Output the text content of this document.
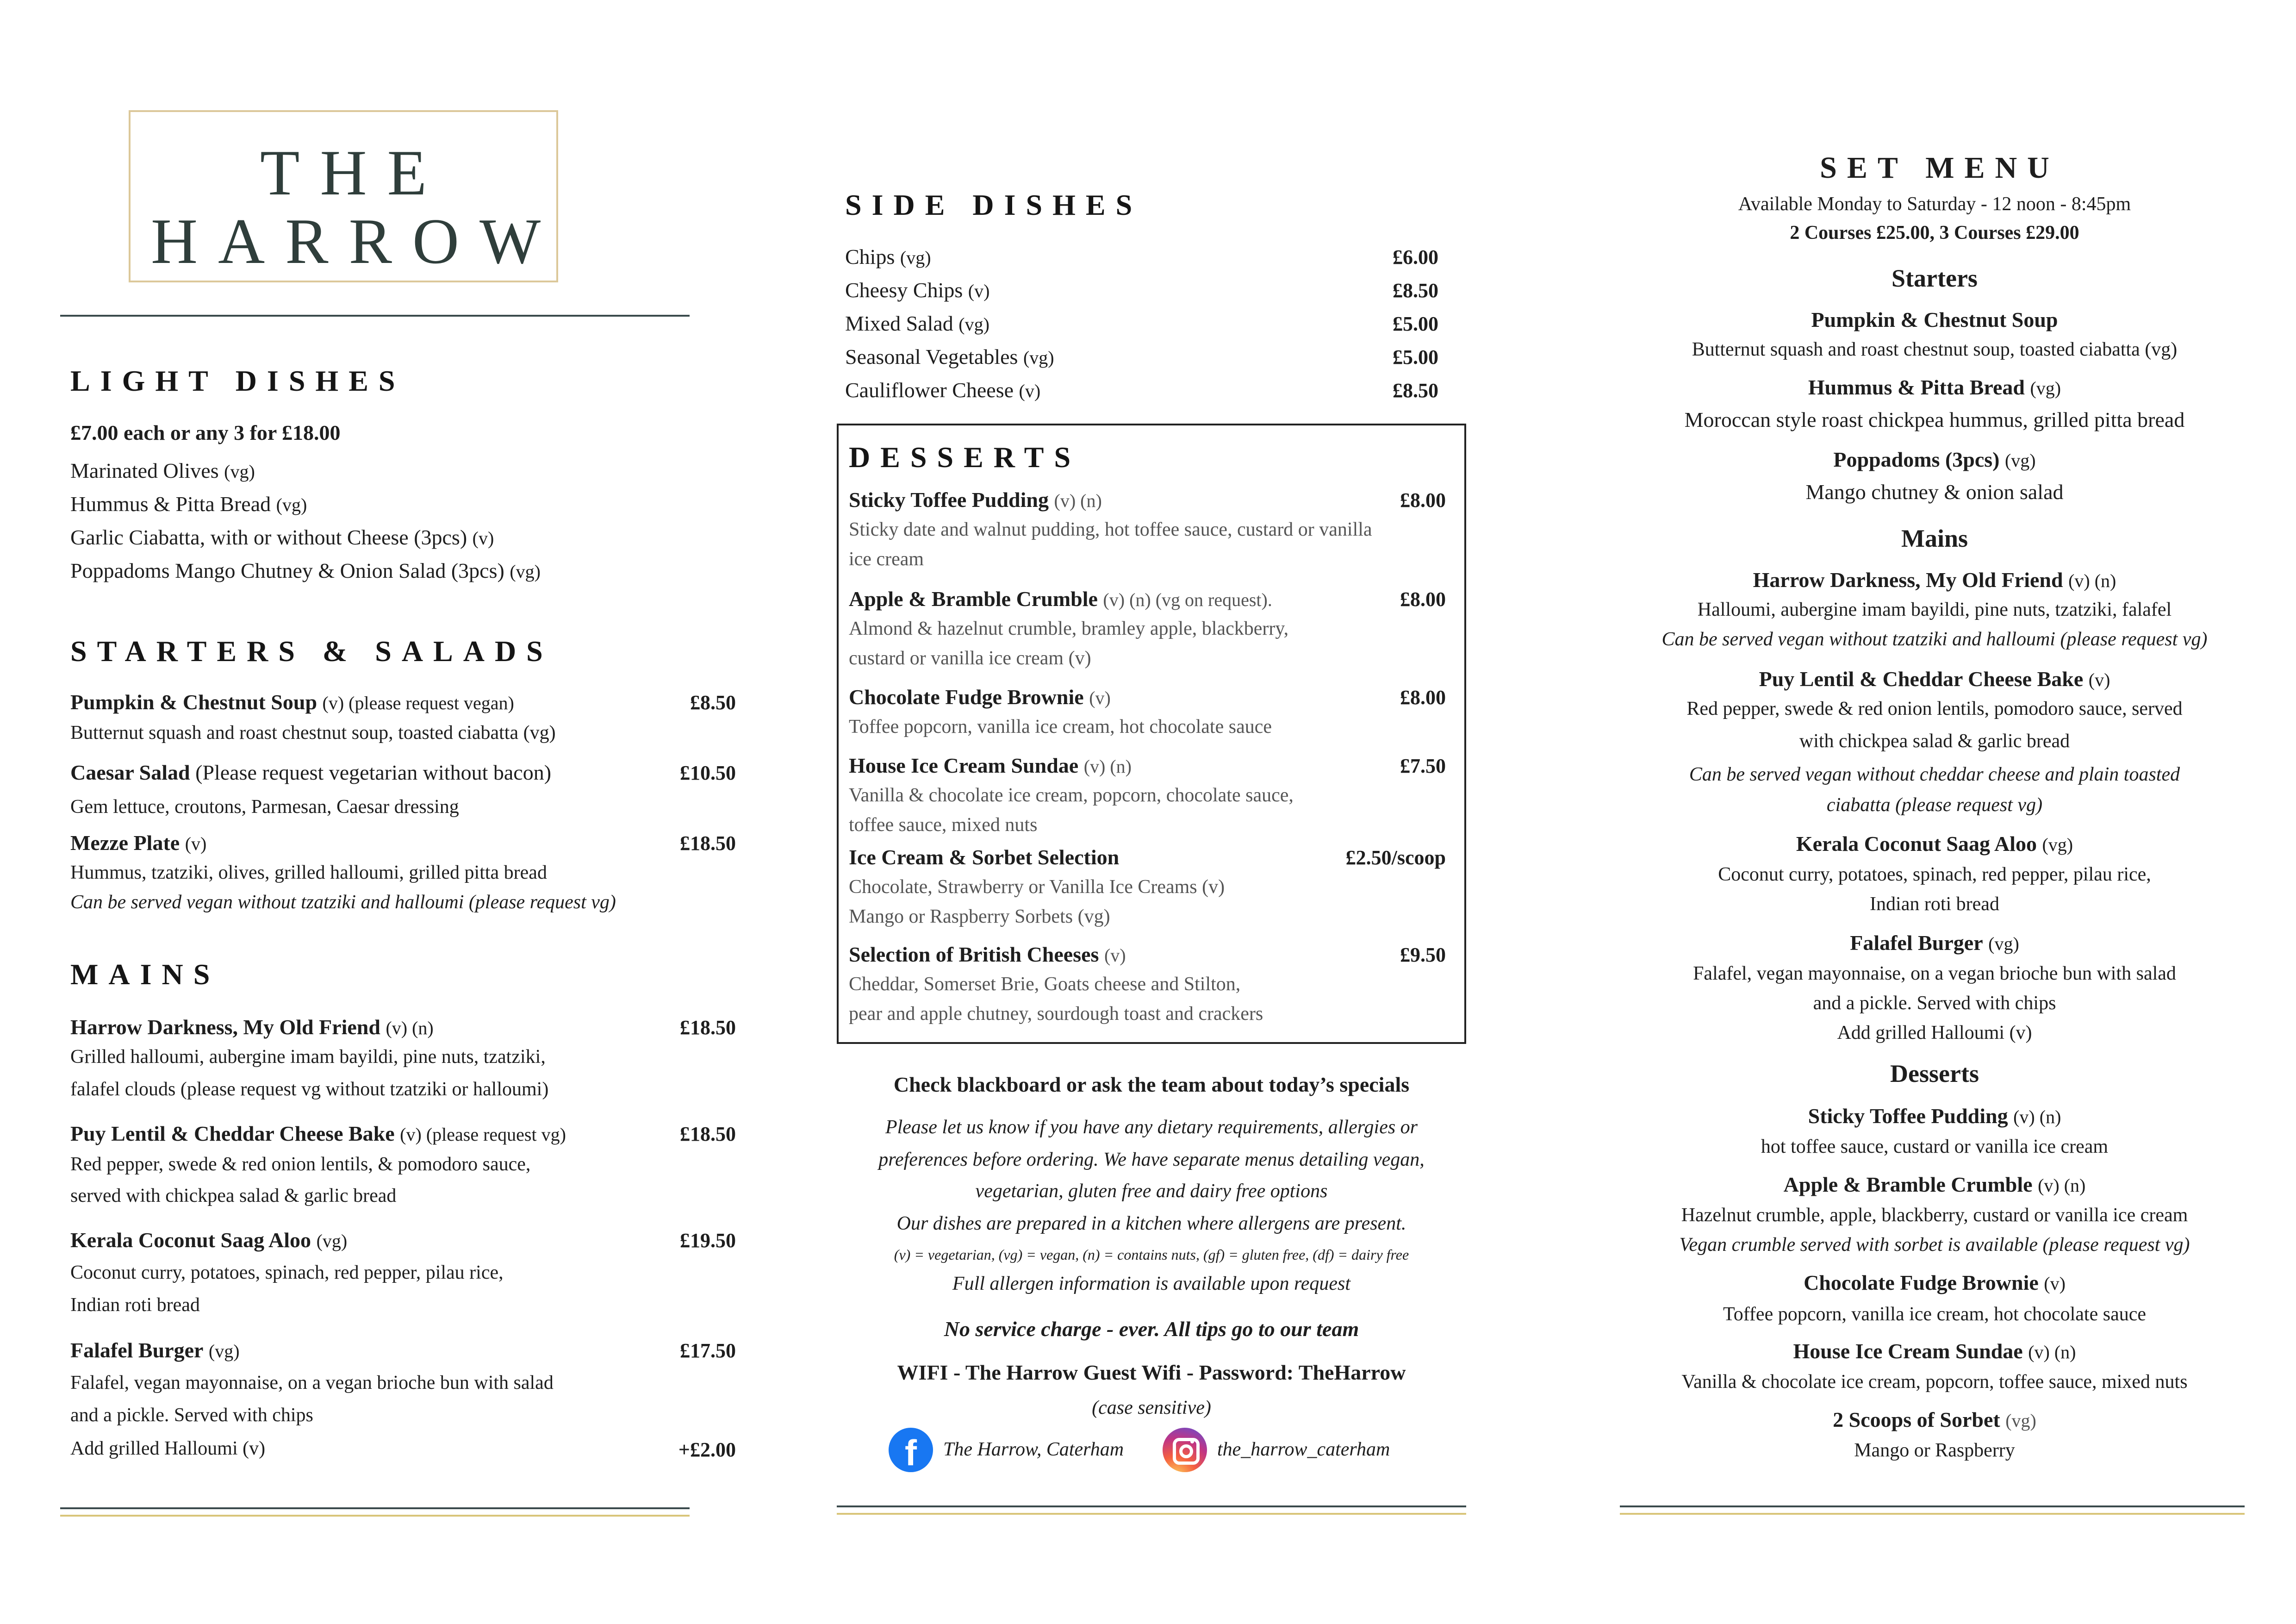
THE
HARROW
LIGHT DISHES
£7.00 each or any 3 for £18.00
Marinated Olives (vg)
Hummus & Pitta Bread (vg)
Garlic Ciabatta, with or without Cheese (3pcs) (v)
Poppadoms Mango Chutney & Onion Salad (3pcs) (vg)
STARTERS & SALADS
Pumpkin & Chestnut Soup (v) (please request vegan)	£8.50
Butternut squash and roast chestnut soup, toasted ciabatta (vg)
Caesar Salad (Please request vegetarian without bacon)	£10.50
Gem lettuce, croutons, Parmesan, Caesar dressing
Mezze Plate (v)	£18.50
Hummus, tzatziki, olives, grilled halloumi, grilled pitta bread
Can be served vegan without tzatziki and halloumi (please request vg)
MAINS
Harrow Darkness, My Old Friend (v) (n)	£18.50
Grilled halloumi, aubergine imam bayildi, pine nuts, tzatziki,
falafel clouds (please request vg without tzatziki or halloumi)
Puy Lentil & Cheddar Cheese Bake (v) (please request vg)	£18.50
Red pepper, swede & red onion lentils, & pomodoro sauce,
served with chickpea salad & garlic bread
Kerala Coconut Saag Aloo (vg)	£19.50
Coconut curry, potatoes, spinach, red pepper, pilau rice,
Indian roti bread
Falafel Burger (vg)	£17.50
Falafel, vegan mayonnaise, on a vegan brioche bun with salad
and a pickle. Served with chips
Add grilled Halloumi (v)	+£2.00
SIDE DISHES
Chips (vg)	£6.00
Cheesy Chips (v)	£8.50
Mixed Salad (vg)	£5.00
Seasonal Vegetables (vg)	£5.00
Cauliflower Cheese (v)	£8.50
DESSERTS
Sticky Toffee Pudding (v) (n)	£8.00
Sticky date and walnut pudding, hot toffee sauce, custard or vanilla
ice cream
Apple & Bramble Crumble (v) (n) (vg on request).	£8.00
Almond & hazelnut crumble, bramley apple, blackberry,
custard or vanilla ice cream (v)
Chocolate Fudge Brownie (v)	£8.00
Toffee popcorn, vanilla ice cream, hot chocolate sauce
House Ice Cream Sundae (v) (n)	£7.50
Vanilla & chocolate ice cream, popcorn, chocolate sauce,
toffee sauce, mixed nuts
Ice Cream & Sorbet Selection	£2.50/scoop
Chocolate, Strawberry or Vanilla Ice Creams (v)
Mango or Raspberry Sorbets (vg)
Selection of British Cheeses (v)	£9.50
Cheddar, Somerset Brie, Goats cheese and Stilton,
pear and apple chutney, sourdough toast and crackers
Check blackboard or ask the team about today’s specials
Please let us know if you have any dietary requirements, allergies or
preferences before ordering. We have separate menus detailing vegan,
vegetarian, gluten free and dairy free options
Our dishes are prepared in a kitchen where allergens are present.
(v) = vegetarian, (vg) = vegan, (n) = contains nuts, (gf) = gluten free, (df) = dairy free
Full allergen information is available upon request
No service charge - ever. All tips go to our team
WIFI - The Harrow Guest Wifi - Password: TheHarrow
(case sensitive)
f	The Harrow, Caterham	the_harrow_caterham
SET MENU
Available Monday to Saturday - 12 noon - 8:45pm
2 Courses £25.00, 3 Courses £29.00
Starters
Pumpkin & Chestnut Soup
Butternut squash and roast chestnut soup, toasted ciabatta (vg)
Hummus & Pitta Bread (vg)
Moroccan style roast chickpea hummus, grilled pitta bread
Poppadoms (3pcs) (vg)
Mango chutney & onion salad
Mains
Harrow Darkness, My Old Friend (v) (n)
Halloumi, aubergine imam bayildi, pine nuts, tzatziki, falafel
Can be served vegan without tzatziki and halloumi (please request vg)
Puy Lentil & Cheddar Cheese Bake (v)
Red pepper, swede & red onion lentils, pomodoro sauce, served
with chickpea salad & garlic bread
Can be served vegan without cheddar cheese and plain toasted
ciabatta (please request vg)
Kerala Coconut Saag Aloo (vg)
Coconut curry, potatoes, spinach, red pepper, pilau rice,
Indian roti bread
Falafel Burger (vg)
Falafel, vegan mayonnaise, on a vegan brioche bun with salad
and a pickle. Served with chips
Add grilled Halloumi (v)
Desserts
Sticky Toffee Pudding (v) (n)
hot toffee sauce, custard or vanilla ice cream
Apple & Bramble Crumble (v) (n)
Hazelnut crumble, apple, blackberry, custard or vanilla ice cream
Vegan crumble served with sorbet is available (please request vg)
Chocolate Fudge Brownie (v)
Toffee popcorn, vanilla ice cream, hot chocolate sauce
House Ice Cream Sundae (v) (n)
Vanilla & chocolate ice cream, popcorn, toffee sauce, mixed nuts
2 Scoops of Sorbet (vg)
Mango or Raspberry
